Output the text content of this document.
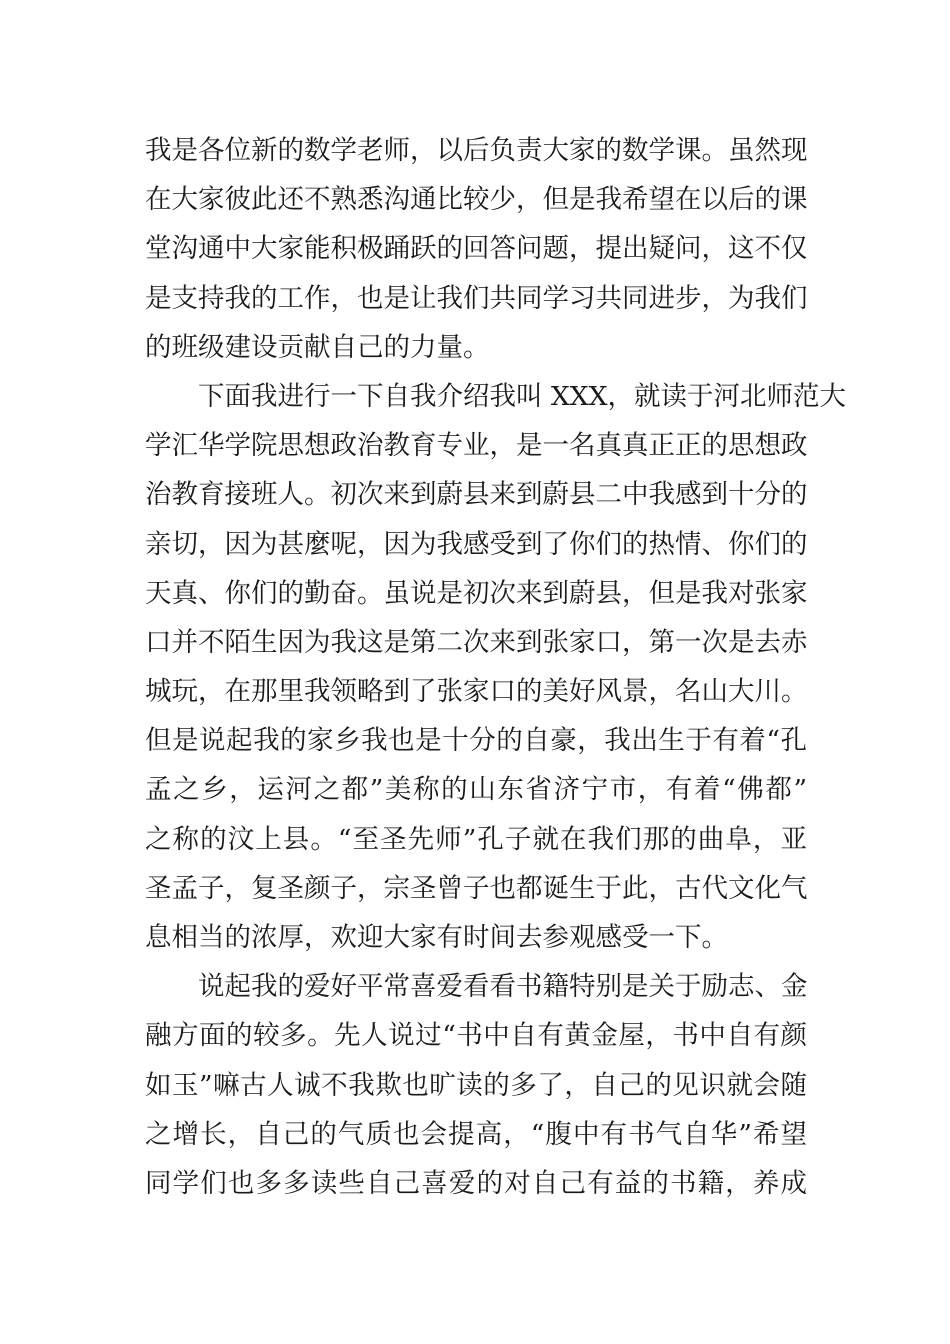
我是各位新的数学老师，以后负责大家的数学课。虽然现
在大家彼此还不熟悉沟通比较少，但是我希望在以后的课
堂沟通中大家能积极踊跃的回答问题，提出疑问，这不仅
是支持我的工作，也是让我们共同学习共同进步，为我们
的班级建设贡献自己的力量。
下面我进行一下自我介绍我叫 XXX，就读于河北师范大
学汇华学院思想政治教育专业，是一名真真正正的思想政
治教育接班人。初次来到蔚县来到蔚县二中我感到十分的
亲切，因为甚麼呢，因为我感受到了你们的热情、你们的
天真、你们的勤奋。虽说是初次来到蔚县，但是我对张家
口并不陌生因为我这是第二次来到张家口，第一次是去赤
城玩，在那里我领略到了张家口的美好风景，名山大川。
但是说起我的家乡我也是十分的自豪，我出生于有着“孔
孟之乡，运河之都”美称的山东省济宁市，有着“佛都”
之称的汶上县。“至圣先师”孔子就在我们那的曲阜，亚
圣孟子，复圣颜子，宗圣曾子也都诞生于此，古代文化气
息相当的浓厚，欢迎大家有时间去参观感受一下。
说起我的爱好平常喜爱看看书籍特别是关于励志、金
融方面的较多。先人说过“书中自有黄金屋，书中自有颜
如玉”嘛古人诚不我欺也旷读的多了，自己的见识就会随
之增长，自己的气质也会提高，“腹中有书气自华”希望
同学们也多多读些自己喜爱的对自己有益的书籍，养成
